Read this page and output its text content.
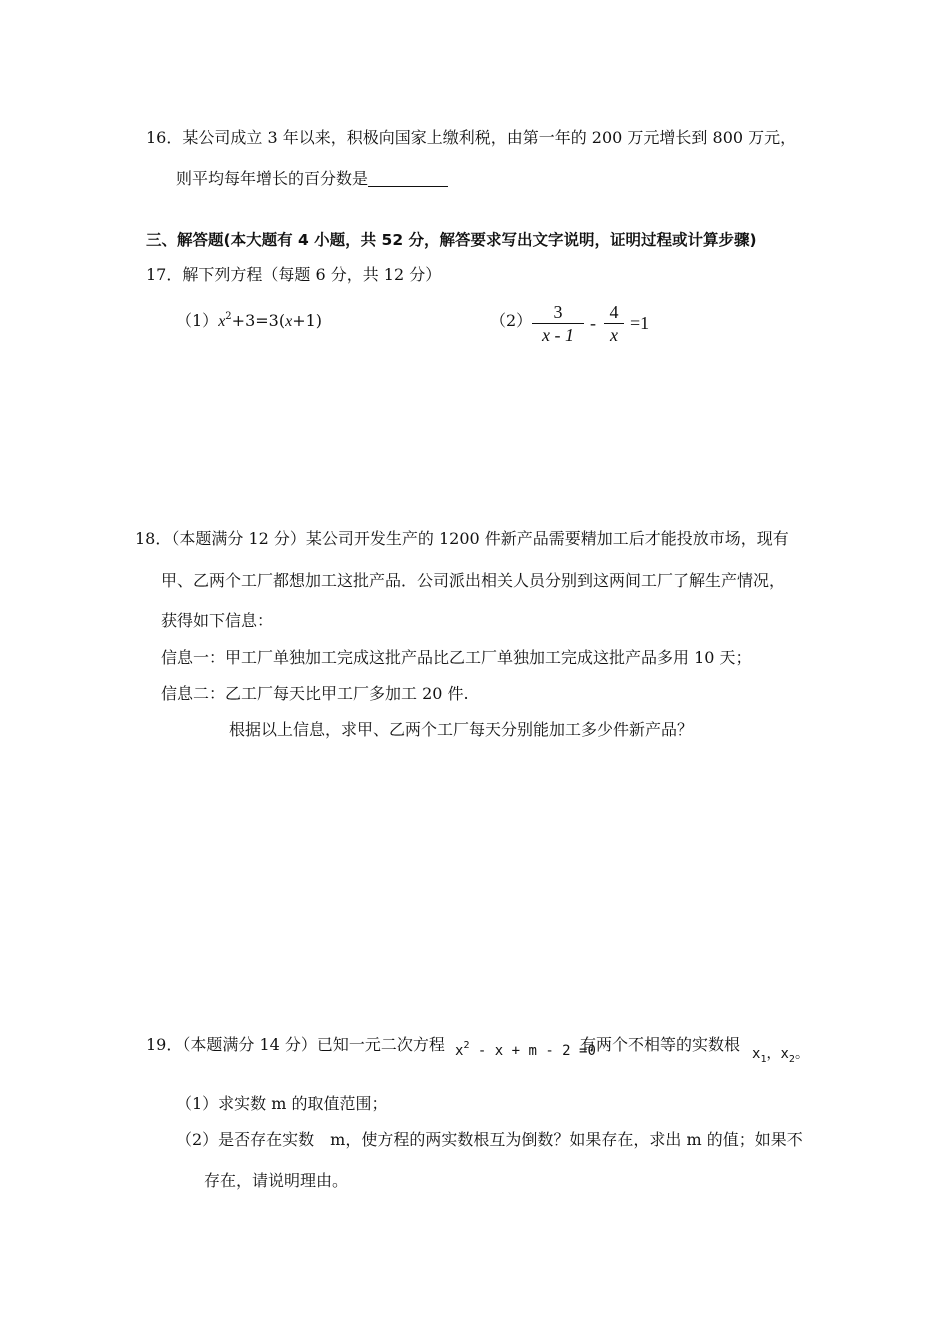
16．某公司成立 3 年以来，积极向国家上缴利税，由第一年的 200 万元增长到 800 万元，
则平均每年增长的百分数是
三、解答题(本大题有 4 小题，共 52 分，解答要求写出文字说明，证明过程或计算步骤)
17．解下列方程（每题 6 分，共 12 分）
$(1)x^2+3=3(x+1)$	（2）	3
x - 1
-
4
x
=1
18．（本题满分 12 分）某公司开发生产的 1200 件新产品需要精加工后才能投放市场，现有
甲、乙两个工厂都想加工这批产品．公司派出相关人员分别到这两间工厂了解生产情况，
获得如下信息：
信息一：甲工厂单独加工完成这批产品比乙工厂单独加工完成这批产品多用 10 天；
信息二：乙工厂每天比甲工厂多加工 20 件.
根据以上信息，求甲、乙两个工厂每天分别能加工多少件新产品？
19．（本题满分 14 分）已知一元二次方程 $x^2 - x + m - 2 =0$
有两个不相等的实数根 $x_1$，$x_2$。
（1）求实数 m 的取值范围；
（2）是否存在实数　m，使方程的两实数根互为倒数？如果存在，求出 m 的值；如果不
存在，请说明理由。
